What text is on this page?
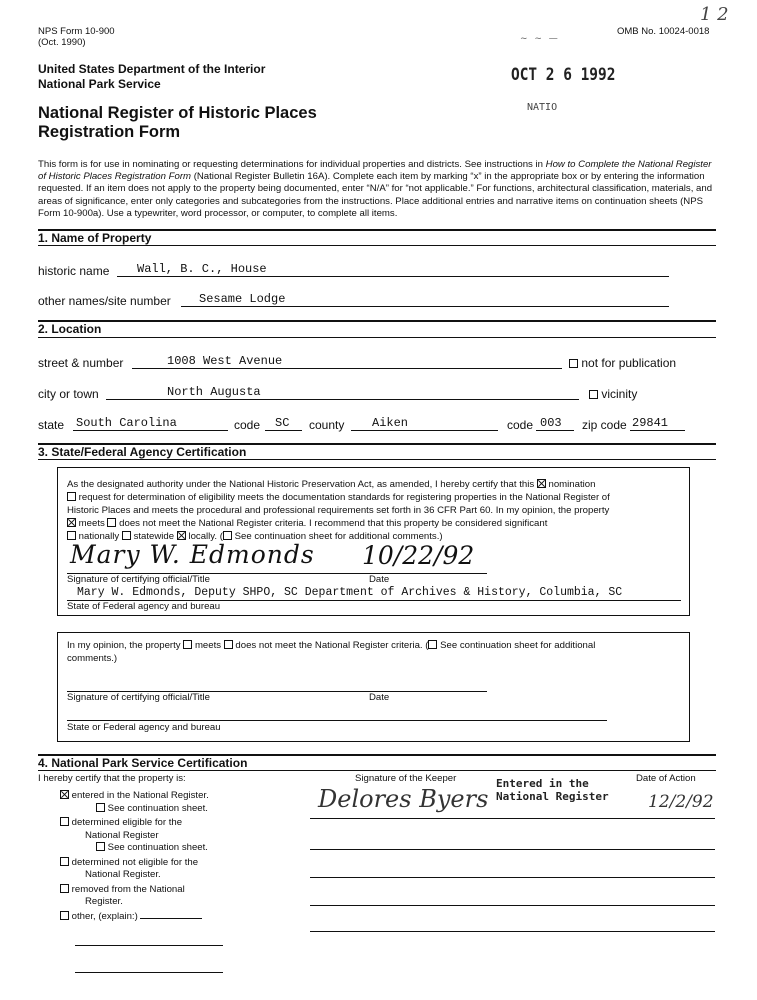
NPS Form 10-900
(Oct. 1990)
OMB No. 10024-0018
1 2
~ ~ —
United States Department of the Interior
National Park Service
National Register of Historic Places
Registration Form
OCT 2 6 1992
NATIO
This form is for use in nominating or requesting determinations for individual properties and districts. See instructions in How to Complete the National Register of Historic Places Registration Form (National Register Bulletin 16A). Complete each item by marking “x” in the appropriate box or by entering the information requested. If an item does not apply to the property being documented, enter “N/A” for “not applicable.” For functions, architectural classification, materials, and areas of significance, enter only categories and subcategories from the instructions. Place additional entries and narrative items on continuation sheets (NPS Form 10-900a). Use a typewriter, word processor, or computer, to complete all items.
1. Name of Property
historic name Wall, B. C., House
other names/site number Sesame Lodge
2. Location
street & number	1008 West Avenue	not for publication
city or town	North Augusta	vicinity
state South Carolina	code SC county Aiken	code 003 zip code 29841
3. State/Federal Agency Certification
As the designated authority under the National Historic Preservation Act, as amended, I hereby certify that this nomination
request for determination of eligibility meets the documentation standards for registering properties in the National Register of
Historic Places and meets the procedural and professional requirements set forth in 36 CFR Part 60. In my opinion, the property
meets does not meet the National Register criteria. I recommend that this property be considered significant
nationally statewide locally. ( See continuation sheet for additional comments.)
Mary W. Edmonds 10/22/92
Signature of certifying official/Title	Date
Mary W. Edmonds, Deputy SHPO, SC Department of Archives & History, Columbia, SC
State of Federal agency and bureau
In my opinion, the property meets does not meet the National Register criteria. ( See continuation sheet for additional
comments.)
Signature of certifying official/Title	Date
State or Federal agency and bureau
4. National Park Service Certification
I hereby certify that the property is:	Signature of the Keeper	Date of Action
entered in the National Register.
See continuation sheet.
determined eligible for the
National Register
See continuation sheet.
determined not eligible for the
National Register.
removed from the National
Register.
other, (explain:)
Entered in the
National Register
Delores Byers	12/2/92
